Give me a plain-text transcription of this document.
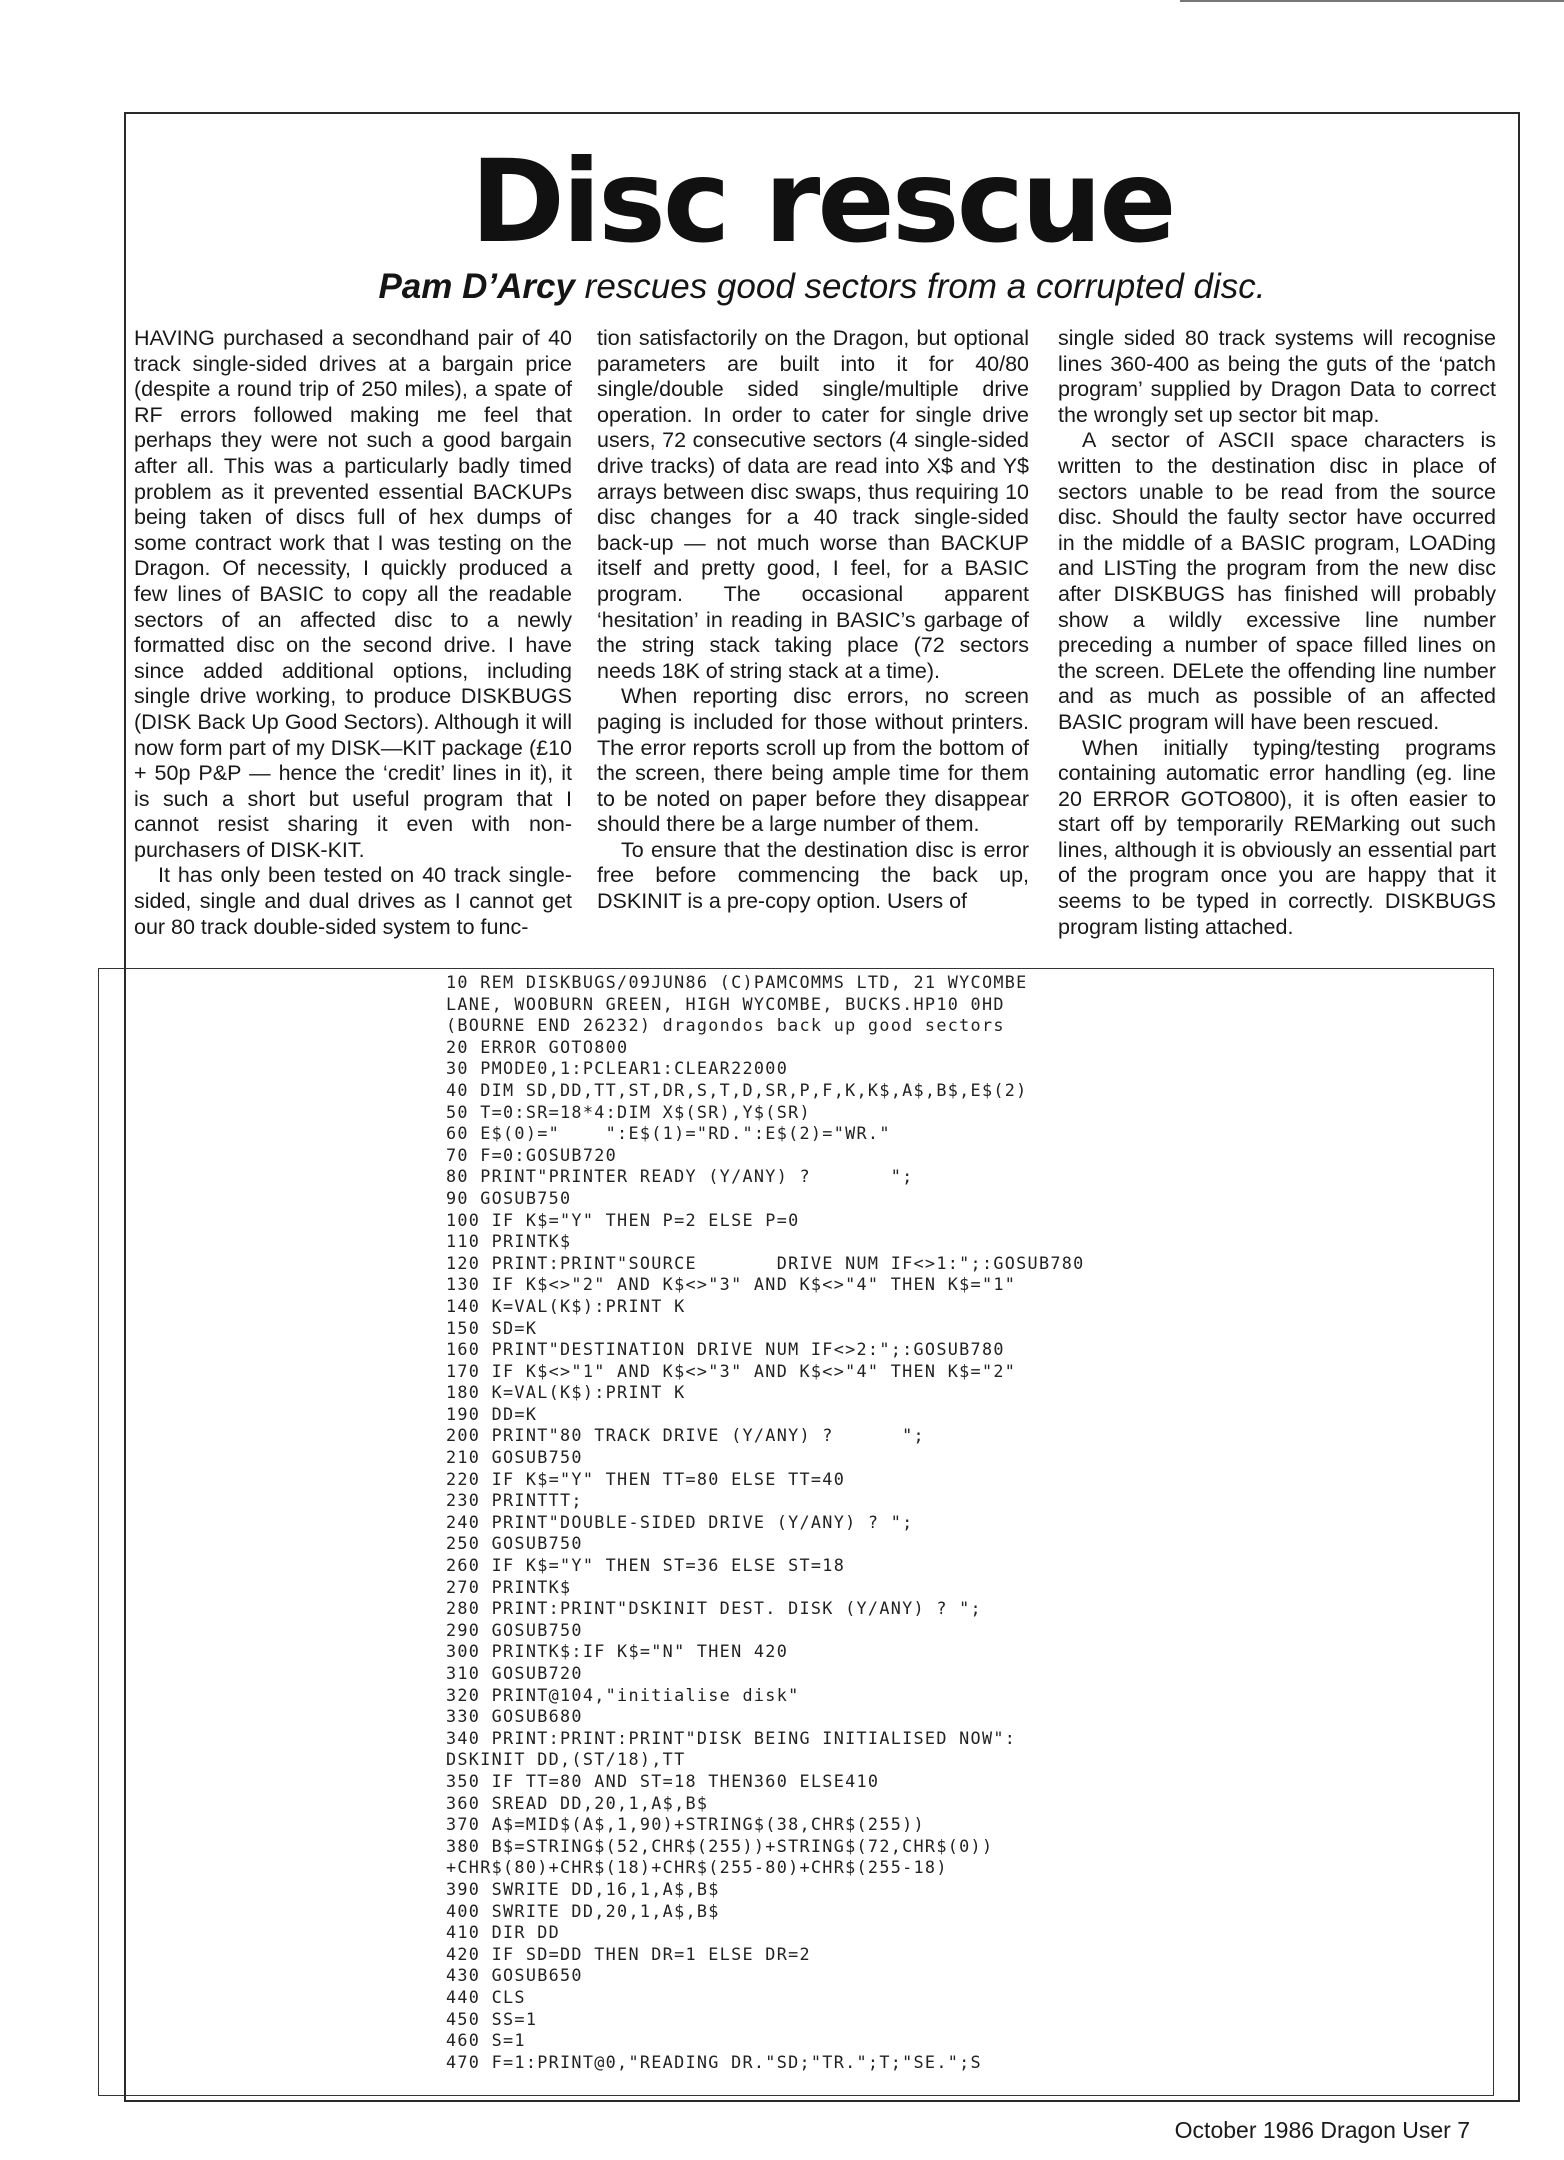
Disc rescue
Pam D’Arcy rescues good sectors from a corrupted disc.

HAVING purchased a secondhand pair of 40 track single-sided drives at a bargain price (despite a round trip of 250 miles), a spate of RF errors followed making me feel that perhaps they were not such a good bargain after all. This was a particularly badly timed problem as it prevented essential BACKUPs being taken of discs full of hex dumps of some contract work that I was testing on the Dragon. Of necessity, I quickly produced a few lines of BASIC to copy all the readable sectors of an affected disc to a newly formatted disc on the second drive. I have since added additional options, including single drive working, to produce DISKBUGS (DISK Back Up Good Sectors). Although it will now form part of my DISK—KIT package (£10 + 50p P&P — hence the ‘credit’ lines in it), it is such a short but useful program that I cannot resist sharing it even with non-purchasers of DISK-KIT.

It has only been tested on 40 track single-sided, single and dual drives as I cannot get our 80 track double-sided system to func-

tion satisfactorily on the Dragon, but optional parameters are built into it for 40/80 single/double sided single/multiple drive operation. In order to cater for single drive users, 72 consecutive sectors (4 single-sided drive tracks) of data are read into X$ and Y$ arrays between disc swaps, thus requiring 10 disc changes for a 40 track single-sided back-up — not much worse than BACKUP itself and pretty good, I feel, for a BASIC program. The occasional apparent ‘hesitation’ in reading in BASIC’s garbage of the string stack taking place (72 sectors needs 18K of string stack at a time).

When reporting disc errors, no screen paging is included for those without printers. The error reports scroll up from the bottom of the screen, there being ample time for them to be noted on paper before they disappear should there be a large number of them.

To ensure that the destination disc is error free before commencing the back up, DSKINIT is a pre-copy option. Users of

single sided 80 track systems will recognise lines 360-400 as being the guts of the ‘patch program’ supplied by Dragon Data to correct the wrongly set up sector bit map.

A sector of ASCII space characters is written to the destination disc in place of sectors unable to be read from the source disc. Should the faulty sector have occurred in the middle of a BASIC program, LOADing and LISTing the program from the new disc after DISKBUGS has finished will probably show a wildly excessive line number preceding a number of space filled lines on the screen. DELete the offending line number and as much as possible of an affected BASIC program will have been rescued.

When initially typing/testing programs containing automatic error handling (eg. line 20 ERROR GOTO800), it is often easier to start off by temporarily REMarking out such lines, although it is obviously an essential part of the program once you are happy that it seems to be typed in correctly. DISKBUGS program listing attached.

10 REM DISKBUGS/09JUN86 (C)PAMCOMMS LTD, 21 WYCOMBE
LANE, WOOBURN GREEN, HIGH WYCOMBE, BUCKS.HP10 0HD
(BOURNE END 26232) dragondos back up good sectors
20 ERROR GOTO800
30 PMODE0,1:PCLEAR1:CLEAR22000
40 DIM SD,DD,TT,ST,DR,S,T,D,SR,P,F,K,K$,A$,B$,E$(2)
50 T=0:SR=18*4:DIM X$(SR),Y$(SR)
60 E$(0)="    ":E$(1)="RD.":E$(2)="WR."
70 F=0:GOSUB720
80 PRINT"PRINTER READY (Y/ANY) ?       ";
90 GOSUB750
100 IF K$="Y" THEN P=2 ELSE P=0
110 PRINTK$
120 PRINT:PRINT"SOURCE       DRIVE NUM IF<>1:";:GOSUB780
130 IF K$<>"2" AND K$<>"3" AND K$<>"4" THEN K$="1"
140 K=VAL(K$):PRINT K
150 SD=K
160 PRINT"DESTINATION DRIVE NUM IF<>2:";:GOSUB780
170 IF K$<>"1" AND K$<>"3" AND K$<>"4" THEN K$="2"
180 K=VAL(K$):PRINT K
190 DD=K
200 PRINT"80 TRACK DRIVE (Y/ANY) ?      ";
210 GOSUB750
220 IF K$="Y" THEN TT=80 ELSE TT=40
230 PRINTTT;
240 PRINT"DOUBLE-SIDED DRIVE (Y/ANY) ? ";
250 GOSUB750
260 IF K$="Y" THEN ST=36 ELSE ST=18
270 PRINTK$
280 PRINT:PRINT"DSKINIT DEST. DISK (Y/ANY) ? ";
290 GOSUB750
300 PRINTK$:IF K$="N" THEN 420
310 GOSUB720
320 PRINT@104,"initialise disk"
330 GOSUB680
340 PRINT:PRINT:PRINT"DISK BEING INITIALISED NOW":
DSKINIT DD,(ST/18),TT
350 IF TT=80 AND ST=18 THEN360 ELSE410
360 SREAD DD,20,1,A$,B$
370 A$=MID$(A$,1,90)+STRING$(38,CHR$(255))
380 B$=STRING$(52,CHR$(255))+STRING$(72,CHR$(0))
+CHR$(80)+CHR$(18)+CHR$(255-80)+CHR$(255-18)
390 SWRITE DD,16,1,A$,B$
400 SWRITE DD,20,1,A$,B$
410 DIR DD
420 IF SD=DD THEN DR=1 ELSE DR=2
430 GOSUB650
440 CLS
450 SS=1
460 S=1
470 F=1:PRINT@0,"READING DR."SD;"TR.";T;"SE.";S
October 1986 Dragon User 7
